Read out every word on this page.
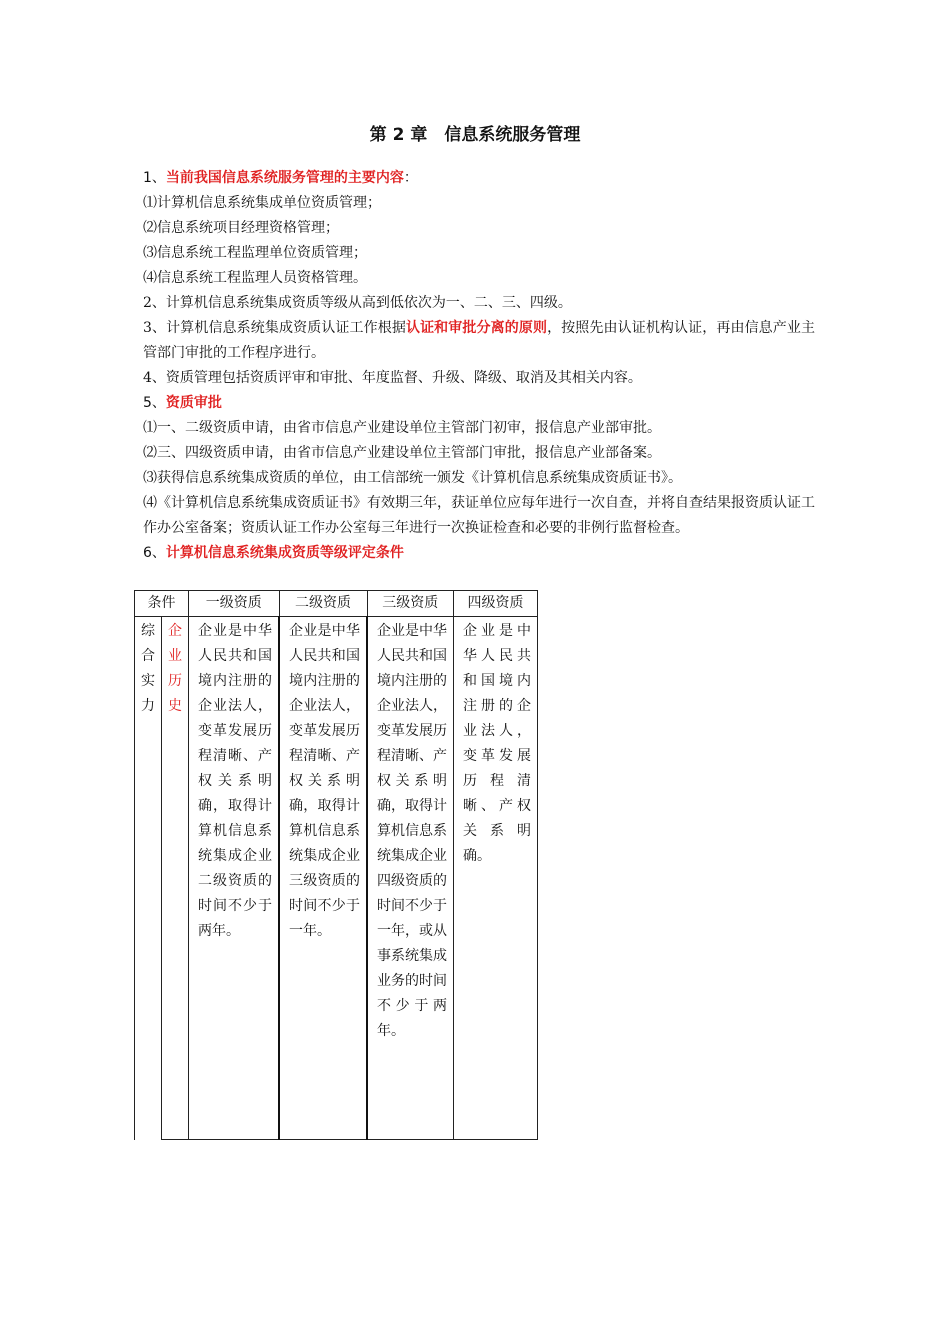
第 2 章　信息系统服务管理

1、当前我国信息系统服务管理的主要内容：

⑴计算机信息系统集成单位资质管理；

⑵信息系统项目经理资格管理；

⑶信息系统工程监理单位资质管理；

⑷信息系统工程监理人员资格管理。

2、计算机信息系统集成资质等级从高到低依次为一、二、三、四级。

3、计算机信息系统集成资质认证工作根据认证和审批分离的原则，按照先由认证机构认证，再由信息产业主管部门审批的工作程序进行。

4、资质管理包括资质评审和审批、年度监督、升级、降级、取消及其相关内容。

5、资质审批

⑴一、二级资质申请，由省市信息产业建设单位主管部门初审，报信息产业部审批。

⑵三、四级资质申请，由省市信息产业建设单位主管部门审批，报信息产业部备案。

⑶获得信息系统集成资质的单位，由工信部统一颁发《计算机信息系统集成资质证书》。

⑷《计算机信息系统集成资质证书》有效期三年，获证单位应每年进行一次自查，并将自查结果报资质认证工作办公室备案；资质认证工作办公室每三年进行一次换证检查和必要的非例行监督检查。

6、计算机信息系统集成资质等级评定条件

条件		一级资质	二级资质	三级资质	四级资质

综合实力	企业历史	企业是中华人民共和国境内注册的企业法人，变革发展历程清晰、产权关系明确，取得计算机信息系统集成企业二级资质的时间不少于两年。	企业是中华人民共和国境内注册的企业法人，变革发展历程清晰、产权关系明确，取得计算机信息系统集成企业三级资质的时间不少于一年。	企业是中华人民共和国境内注册的企业法人，变革发展历程清晰、产权关系明确，取得计算机信息系统集成企业四级资质的时间不少于一年，或从事系统集成业务的时间不少于两年。	企业是中华人民共和国境内注册的企业法人，变革发展历程清晰、产权关系明确。
